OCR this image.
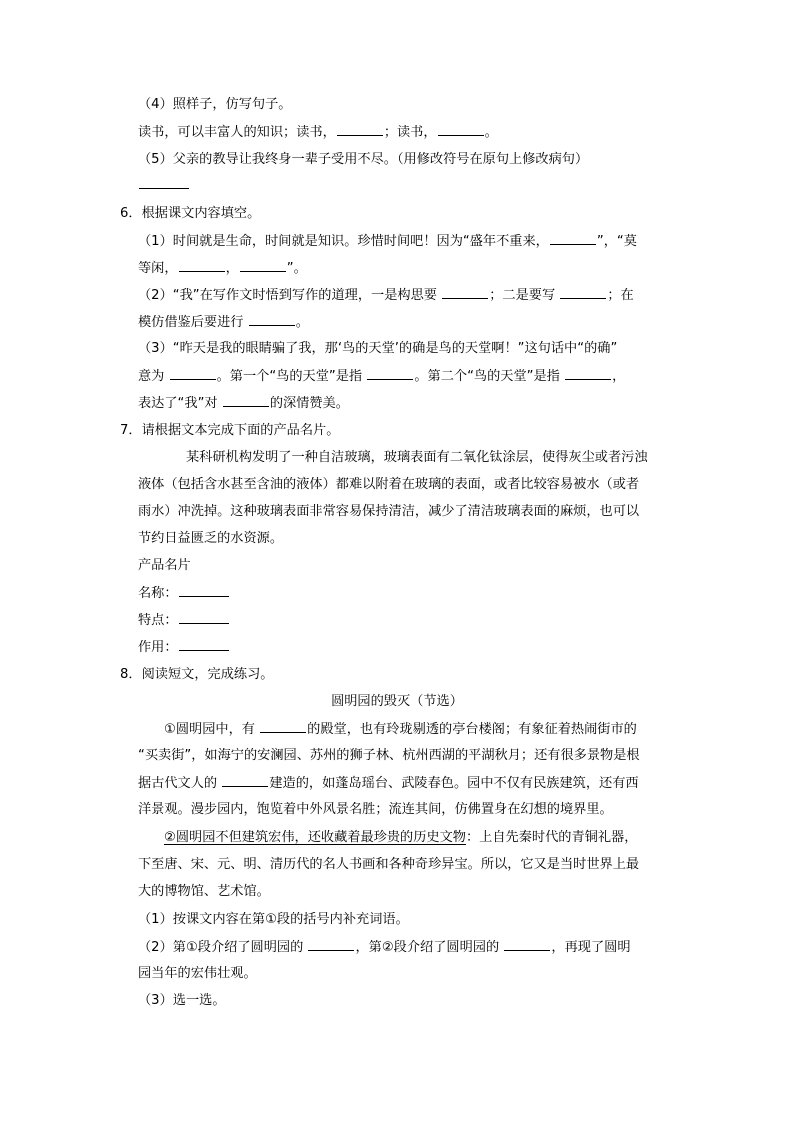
（4）照样子，仿写句子。
读书，可以丰富人的知识；读书，	；读书，	。
（5）父亲的教导让我终身一辈子受用不尽。（用修改符号在原句上修改病句）
6．根据课文内容填空。
（1）时间就是生命，时间就是知识。珍惜时间吧！因为“盛年不重来，	”，“莫
等闲，	，	”。
（2）“我”在写作文时悟到写作的道理，一是构思要	；二是要写	；在
模仿借鉴后要进行	。
（3）“昨天是我的眼睛骗了我，那‘鸟的天堂’的确是鸟的天堂啊！”这句话中“的确”
意为	。第一个“鸟的天堂”是指	。第二个“鸟的天堂”是指	，
表达了“我”对	的深情赞美。
7．请根据文本完成下面的产品名片。
某科研机构发明了一种自洁玻璃，玻璃表面有二氧化钛涂层，使得灰尘或者污浊
液体（包括含水甚至含油的液体）都难以附着在玻璃的表面，或者比较容易被水（或者
雨水）冲洗掉。这种玻璃表面非常容易保持清洁，减少了清洁玻璃表面的麻烦，也可以
节约日益匮乏的水资源。
产品名片
名称：
特点：
作用：
8．阅读短文，完成练习。
圆明园的毁灭（节选）
①圆明园中，有	的殿堂，也有玲珑剔透的亭台楼阁；有象征着热闹街市的
“买卖街”，如海宁的安澜园、苏州的狮子林、杭州西湖的平湖秋月；还有很多景物是根
据古代文人的	建造的，如蓬岛瑶台、武陵春色。园中不仅有民族建筑，还有西
洋景观。漫步园内，饱览着中外风景名胜；流连其间，仿佛置身在幻想的境界里。
②圆明园不但建筑宏伟，还收藏着最珍贵的历史文物：上自先秦时代的青铜礼器，
下至唐、宋、元、明、清历代的名人书画和各种奇珍异宝。所以，它又是当时世界上最
大的博物馆、艺术馆。
（1）按课文内容在第①段的括号内补充词语。
（2）第①段介绍了圆明园的	，第②段介绍了圆明园的	，再现了圆明
园当年的宏伟壮观。
（3）选一选。
